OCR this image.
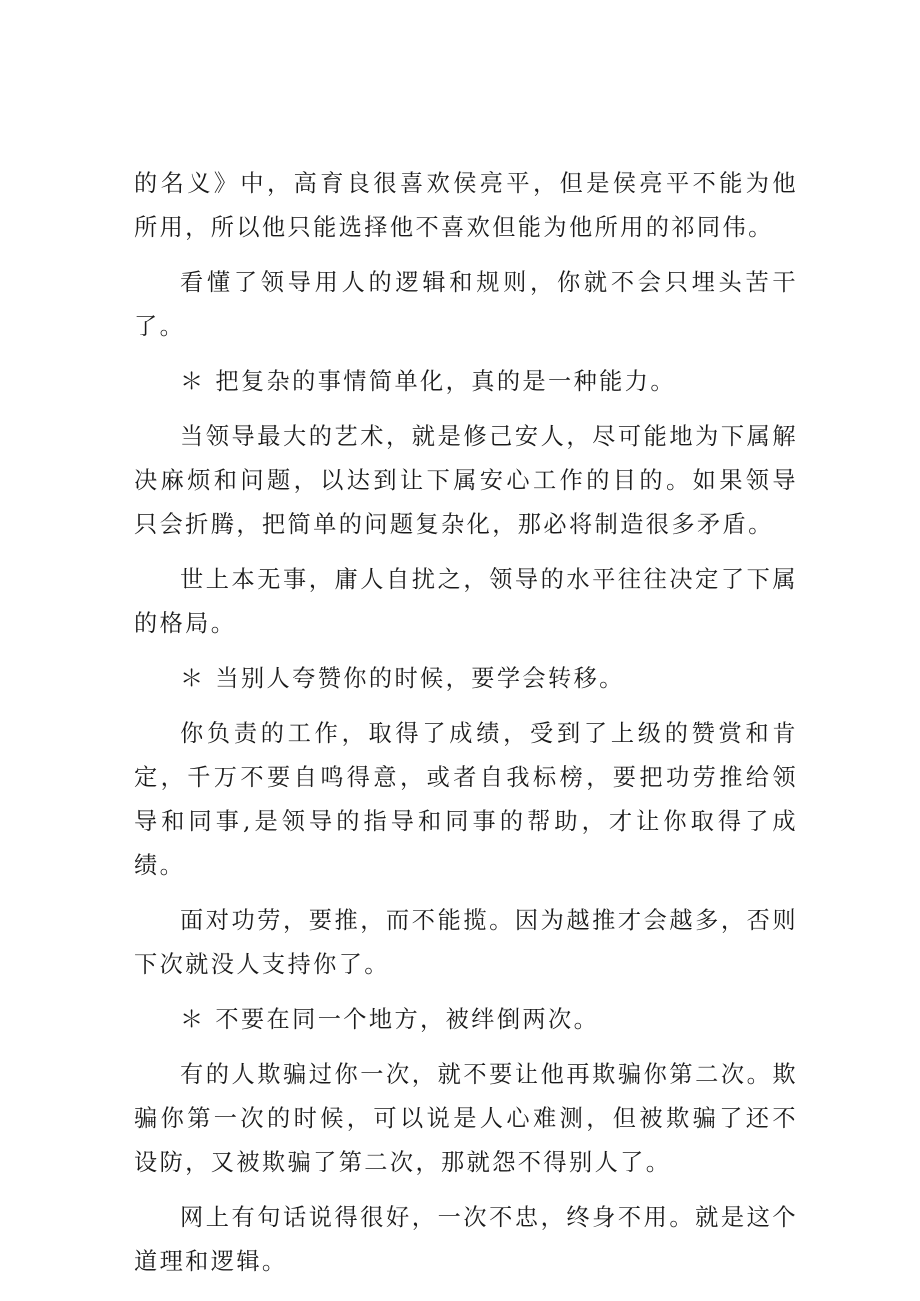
的名义》中，高育良很喜欢侯亮平，但是侯亮平不能为他所用，所以他只能选择他不喜欢但能为他所用的祁同伟。

看懂了领导用人的逻辑和规则，你就不会只埋头苦干了。

＊ 把复杂的事情简单化，真的是一种能力。

当领导最大的艺术，就是修己安人，尽可能地为下属解决麻烦和问题，以达到让下属安心工作的目的。如果领导只会折腾，把简单的问题复杂化，那必将制造很多矛盾。

世上本无事，庸人自扰之，领导的水平往往决定了下属的格局。

＊ 当别人夸赞你的时候，要学会转移。

你负责的工作，取得了成绩，受到了上级的赞赏和肯定，千万不要自鸣得意，或者自我标榜，要把功劳推给领导和同事,是领导的指导和同事的帮助，才让你取得了成绩。

面对功劳，要推，而不能揽。因为越推才会越多，否则下次就没人支持你了。

＊ 不要在同一个地方，被绊倒两次。

有的人欺骗过你一次，就不要让他再欺骗你第二次。欺骗你第一次的时候，可以说是人心难测，但被欺骗了还不设防，又被欺骗了第二次，那就怨不得别人了。

网上有句话说得很好，一次不忠，终身不用。就是这个道理和逻辑。
